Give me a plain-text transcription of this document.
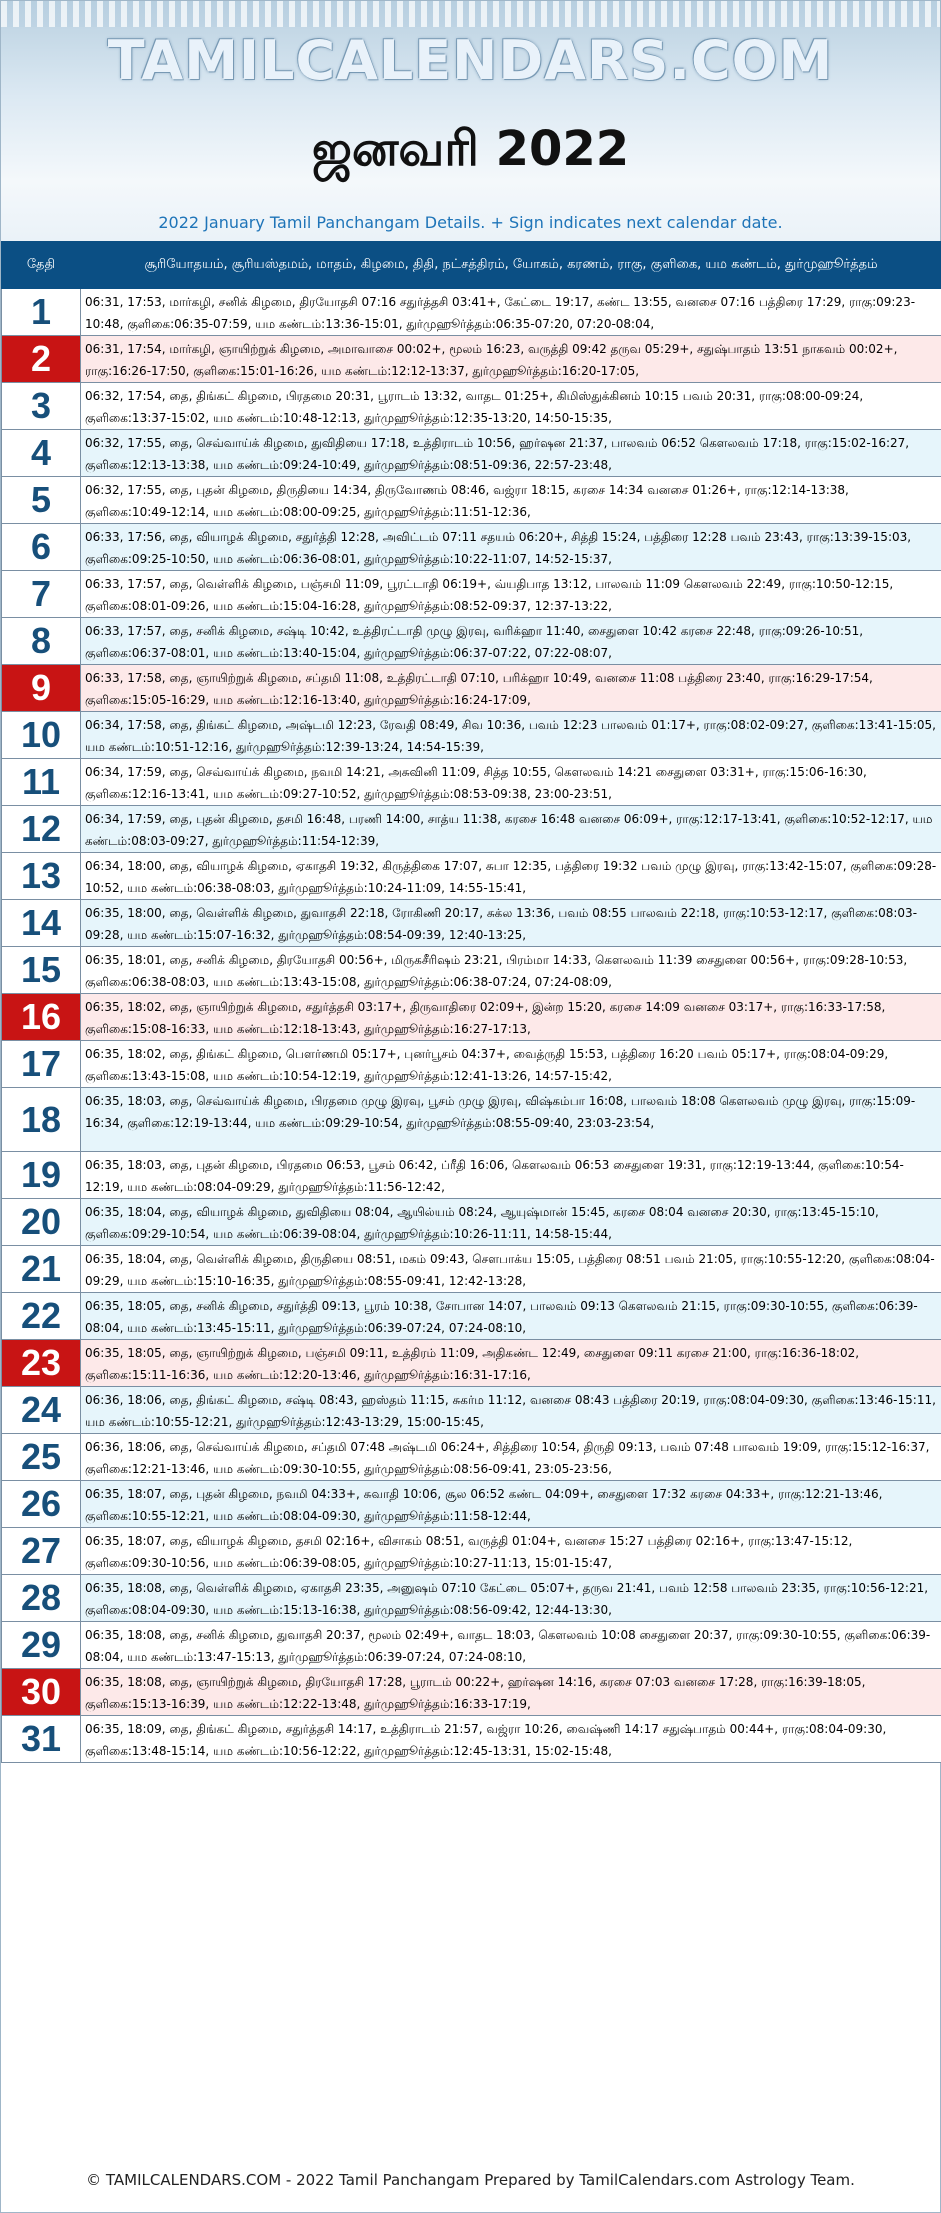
TAMILCALENDARS.COM
ஜனவரி 2022
2022 January Tamil Panchangam Details. + Sign indicates next calendar date.
தேதி	சூரியோதயம், சூரியஸ்தமம், மாதம், கிழமை, திதி, நட்சத்திரம், யோகம், கரணம், ராகு, குளிகை, யம கண்டம், துர்முஹூர்த்தம்
1	06:31, 17:53, மார்கழி, சனிக் கிழமை, திரயோதசி 07:16 சதுர்த்தசி 03:41+, கேட்டை 19:17, கண்ட 13:55, வனசை 07:16 பத்திரை 17:29, ராகு:09:23-10:48, குளிகை:06:35-07:59, யம கண்டம்:13:36-15:01, துர்முஹூர்த்தம்:06:35-07:20, 07:20-08:04,
2	06:31, 17:54, மார்கழி, ஞாயிற்றுக் கிழமை, அமாவாசை 00:02+, மூலம் 16:23, வருத்தி 09:42 தருவ 05:29+, சதுஷ்பாதம் 13:51 நாகவம் 00:02+, ராகு:16:26-17:50, குளிகை:15:01-16:26, யம கண்டம்:12:12-13:37, துர்முஹூர்த்தம்:16:20-17:05,
3	06:32, 17:54, தை, திங்கட் கிழமை, பிரதமை 20:31, பூராடம் 13:32, வாதட 01:25+, கிமிஸ்துக்கினம் 10:15 பவம் 20:31, ராகு:08:00-09:24, குளிகை:13:37-15:02, யம கண்டம்:10:48-12:13, துர்முஹூர்த்தம்:12:35-13:20, 14:50-15:35,
4	06:32, 17:55, தை, செவ்வாய்க் கிழமை, துவிதியை 17:18, உத்திராடம் 10:56, ஹர்ஷன 21:37, பாலவம் 06:52 கௌலவம் 17:18, ராகு:15:02-16:27, குளிகை:12:13-13:38, யம கண்டம்:09:24-10:49, துர்முஹூர்த்தம்:08:51-09:36, 22:57-23:48,
5	06:32, 17:55, தை, புதன் கிழமை, திருதியை 14:34, திருவோணம் 08:46, வஜ்ரா 18:15, கரசை 14:34 வனசை 01:26+, ராகு:12:14-13:38, குளிகை:10:49-12:14, யம கண்டம்:08:00-09:25, துர்முஹூர்த்தம்:11:51-12:36,
6	06:33, 17:56, தை, வியாழக் கிழமை, சதுர்த்தி 12:28, அவிட்டம் 07:11 சதயம் 06:20+, சித்தி 15:24, பத்திரை 12:28 பவம் 23:43, ராகு:13:39-15:03, குளிகை:09:25-10:50, யம கண்டம்:06:36-08:01, துர்முஹூர்த்தம்:10:22-11:07, 14:52-15:37,
7	06:33, 17:57, தை, வெள்ளிக் கிழமை, பஞ்சமி 11:09, பூரட்டாதி 06:19+, வ்யதிபாத 13:12, பாலவம் 11:09 கௌலவம் 22:49, ராகு:10:50-12:15, குளிகை:08:01-09:26, யம கண்டம்:15:04-16:28, துர்முஹூர்த்தம்:08:52-09:37, 12:37-13:22,
8	06:33, 17:57, தை, சனிக் கிழமை, சஷ்டி 10:42, உத்திரட்டாதி முழு இரவு, வரிக்ஹா 11:40, சைதுளை 10:42 கரசை 22:48, ராகு:09:26-10:51, குளிகை:06:37-08:01, யம கண்டம்:13:40-15:04, துர்முஹூர்த்தம்:06:37-07:22, 07:22-08:07,
9	06:33, 17:58, தை, ஞாயிற்றுக் கிழமை, சப்தமி 11:08, உத்திரட்டாதி 07:10, பரிக்ஹா 10:49, வனசை 11:08 பத்திரை 23:40, ராகு:16:29-17:54, குளிகை:15:05-16:29, யம கண்டம்:12:16-13:40, துர்முஹூர்த்தம்:16:24-17:09,
10	06:34, 17:58, தை, திங்கட் கிழமை, அஷ்டமி 12:23, ரேவதி 08:49, சிவ 10:36, பவம் 12:23 பாலவம் 01:17+, ராகு:08:02-09:27, குளிகை:13:41-15:05, யம கண்டம்:10:51-12:16, துர்முஹூர்த்தம்:12:39-13:24, 14:54-15:39,
11	06:34, 17:59, தை, செவ்வாய்க் கிழமை, நவமி 14:21, அசுவினி 11:09, சித்த 10:55, கௌலவம் 14:21 சைதுளை 03:31+, ராகு:15:06-16:30, குளிகை:12:16-13:41, யம கண்டம்:09:27-10:52, துர்முஹூர்த்தம்:08:53-09:38, 23:00-23:51,
12	06:34, 17:59, தை, புதன் கிழமை, தசமி 16:48, பரணி 14:00, சாத்ய 11:38, கரசை 16:48 வனசை 06:09+, ராகு:12:17-13:41, குளிகை:10:52-12:17, யம கண்டம்:08:03-09:27, துர்முஹூர்த்தம்:11:54-12:39,
13	06:34, 18:00, தை, வியாழக் கிழமை, ஏகாதசி 19:32, கிருத்திகை 17:07, சுபா 12:35, பத்திரை 19:32 பவம் முழு இரவு, ராகு:13:42-15:07, குளிகை:09:28-10:52, யம கண்டம்:06:38-08:03, துர்முஹூர்த்தம்:10:24-11:09, 14:55-15:41,
14	06:35, 18:00, தை, வெள்ளிக் கிழமை, துவாதசி 22:18, ரோகிணி 20:17, சுக்ல 13:36, பவம் 08:55 பாலவம் 22:18, ராகு:10:53-12:17, குளிகை:08:03-09:28, யம கண்டம்:15:07-16:32, துர்முஹூர்த்தம்:08:54-09:39, 12:40-13:25,
15	06:35, 18:01, தை, சனிக் கிழமை, திரயோதசி 00:56+, மிருகசீரிஷம் 23:21, பிரம்மா 14:33, கௌலவம் 11:39 சைதுளை 00:56+, ராகு:09:28-10:53, குளிகை:06:38-08:03, யம கண்டம்:13:43-15:08, துர்முஹூர்த்தம்:06:38-07:24, 07:24-08:09,
16	06:35, 18:02, தை, ஞாயிற்றுக் கிழமை, சதுர்த்தசி 03:17+, திருவாதிரை 02:09+, இன்ற 15:20, கரசை 14:09 வனசை 03:17+, ராகு:16:33-17:58, குளிகை:15:08-16:33, யம கண்டம்:12:18-13:43, துர்முஹூர்த்தம்:16:27-17:13,
17	06:35, 18:02, தை, திங்கட் கிழமை, பௌர்ணமி 05:17+, புனர்பூசம் 04:37+, வைத்ருதி 15:53, பத்திரை 16:20 பவம் 05:17+, ராகு:08:04-09:29, குளிகை:13:43-15:08, யம கண்டம்:10:54-12:19, துர்முஹூர்த்தம்:12:41-13:26, 14:57-15:42,
18	06:35, 18:03, தை, செவ்வாய்க் கிழமை, பிரதமை முழு இரவு, பூசம் முழு இரவு, விஷ்கம்பா 16:08, பாலவம் 18:08 கௌலவம் முழு இரவு, ராகு:15:09-16:34, குளிகை:12:19-13:44, யம கண்டம்:09:29-10:54, துர்முஹூர்த்தம்:08:55-09:40, 23:03-23:54,
19	06:35, 18:03, தை, புதன் கிழமை, பிரதமை 06:53, பூசம் 06:42, ப்ரீதி 16:06, கௌலவம் 06:53 சைதுளை 19:31, ராகு:12:19-13:44, குளிகை:10:54-12:19, யம கண்டம்:08:04-09:29, துர்முஹூர்த்தம்:11:56-12:42,
20	06:35, 18:04, தை, வியாழக் கிழமை, துவிதியை 08:04, ஆயில்யம் 08:24, ஆயுஷ்மான் 15:45, கரசை 08:04 வனசை 20:30, ராகு:13:45-15:10, குளிகை:09:29-10:54, யம கண்டம்:06:39-08:04, துர்முஹூர்த்தம்:10:26-11:11, 14:58-15:44,
21	06:35, 18:04, தை, வெள்ளிக் கிழமை, திருதியை 08:51, மகம் 09:43, சௌபாக்ய 15:05, பத்திரை 08:51 பவம் 21:05, ராகு:10:55-12:20, குளிகை:08:04-09:29, யம கண்டம்:15:10-16:35, துர்முஹூர்த்தம்:08:55-09:41, 12:42-13:28,
22	06:35, 18:05, தை, சனிக் கிழமை, சதுர்த்தி 09:13, பூரம் 10:38, சோபான 14:07, பாலவம் 09:13 கௌலவம் 21:15, ராகு:09:30-10:55, குளிகை:06:39-08:04, யம கண்டம்:13:45-15:11, துர்முஹூர்த்தம்:06:39-07:24, 07:24-08:10,
23	06:35, 18:05, தை, ஞாயிற்றுக் கிழமை, பஞ்சமி 09:11, உத்திரம் 11:09, அதிகண்ட 12:49, சைதுளை 09:11 கரசை 21:00, ராகு:16:36-18:02, குளிகை:15:11-16:36, யம கண்டம்:12:20-13:46, துர்முஹூர்த்தம்:16:31-17:16,
24	06:36, 18:06, தை, திங்கட் கிழமை, சஷ்டி 08:43, ஹஸ்தம் 11:15, சுகர்ம 11:12, வனசை 08:43 பத்திரை 20:19, ராகு:08:04-09:30, குளிகை:13:46-15:11, யம கண்டம்:10:55-12:21, துர்முஹூர்த்தம்:12:43-13:29, 15:00-15:45,
25	06:36, 18:06, தை, செவ்வாய்க் கிழமை, சப்தமி 07:48 அஷ்டமி 06:24+, சித்திரை 10:54, திருதி 09:13, பவம் 07:48 பாலவம் 19:09, ராகு:15:12-16:37, குளிகை:12:21-13:46, யம கண்டம்:09:30-10:55, துர்முஹூர்த்தம்:08:56-09:41, 23:05-23:56,
26	06:35, 18:07, தை, புதன் கிழமை, நவமி 04:33+, சுவாதி 10:06, சூல 06:52 கண்ட 04:09+, சைதுளை 17:32 கரசை 04:33+, ராகு:12:21-13:46, குளிகை:10:55-12:21, யம கண்டம்:08:04-09:30, துர்முஹூர்த்தம்:11:58-12:44,
27	06:35, 18:07, தை, வியாழக் கிழமை, தசமி 02:16+, விசாகம் 08:51, வருத்தி 01:04+, வனசை 15:27 பத்திரை 02:16+, ராகு:13:47-15:12, குளிகை:09:30-10:56, யம கண்டம்:06:39-08:05, துர்முஹூர்த்தம்:10:27-11:13, 15:01-15:47,
28	06:35, 18:08, தை, வெள்ளிக் கிழமை, ஏகாதசி 23:35, அனுஷம் 07:10 கேட்டை 05:07+, தருவ 21:41, பவம் 12:58 பாலவம் 23:35, ராகு:10:56-12:21, குளிகை:08:04-09:30, யம கண்டம்:15:13-16:38, துர்முஹூர்த்தம்:08:56-09:42, 12:44-13:30,
29	06:35, 18:08, தை, சனிக் கிழமை, துவாதசி 20:37, மூலம் 02:49+, வாதட 18:03, கௌலவம் 10:08 சைதுளை 20:37, ராகு:09:30-10:55, குளிகை:06:39-08:04, யம கண்டம்:13:47-15:13, துர்முஹூர்த்தம்:06:39-07:24, 07:24-08:10,
30	06:35, 18:08, தை, ஞாயிற்றுக் கிழமை, திரயோதசி 17:28, பூராடம் 00:22+, ஹர்ஷன 14:16, கரசை 07:03 வனசை 17:28, ராகு:16:39-18:05, குளிகை:15:13-16:39, யம கண்டம்:12:22-13:48, துர்முஹூர்த்தம்:16:33-17:19,
31	06:35, 18:09, தை, திங்கட் கிழமை, சதுர்த்தசி 14:17, உத்திராடம் 21:57, வஜ்ரா 10:26, வைஷ்ணி 14:17 சதுஷ்பாதம் 00:44+, ராகு:08:04-09:30, குளிகை:13:48-15:14, யம கண்டம்:10:56-12:22, துர்முஹூர்த்தம்:12:45-13:31, 15:02-15:48,
© TAMILCALENDARS.COM - 2022 Tamil Panchangam Prepared by TamilCalendars.com Astrology Team.
